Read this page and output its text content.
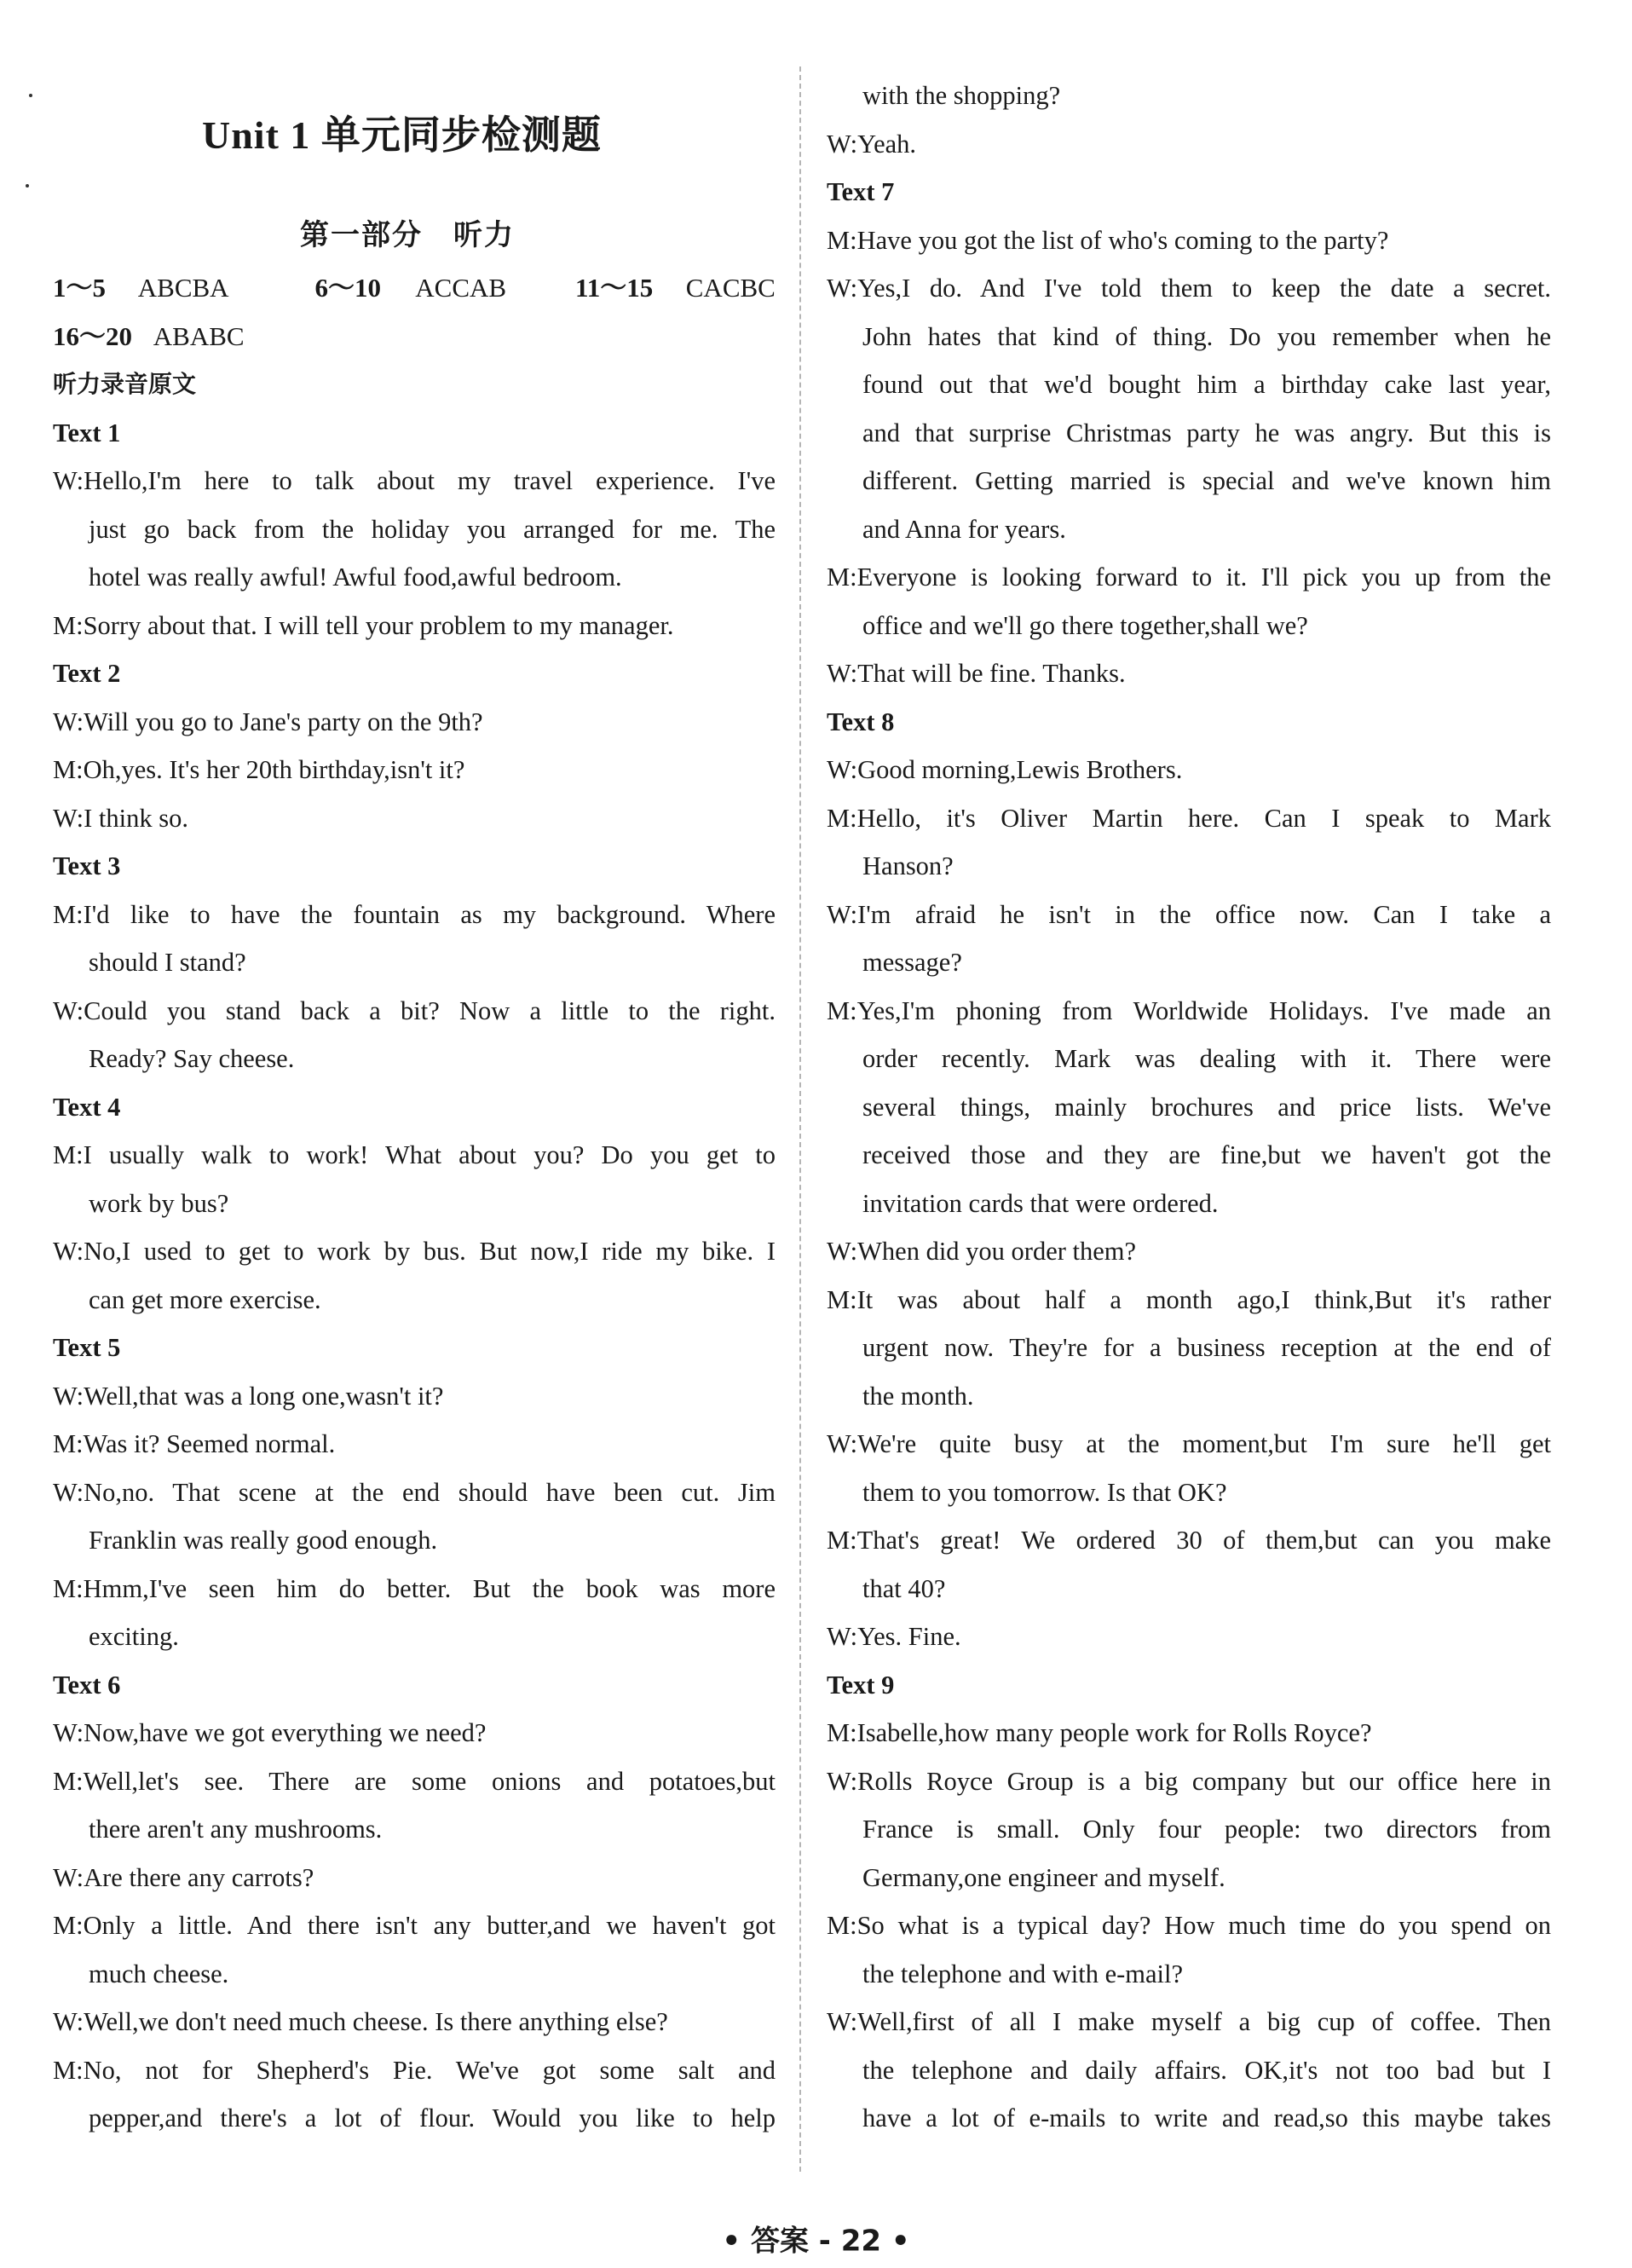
Unit 1 单元同步检测题
第一部分　听力
1～5 ABCBA	6～10 ACCAB	11～15 CACBC
16～20 ABABC
听力录音原文
Text 1
W:Hello,I'm here to talk about my travel experience. I've
just go back from the holiday you arranged for me. The
hotel was really awful! Awful food,awful bedroom.
M:Sorry about that. I will tell your problem to my manager.
Text 2
W:Will you go to Jane's party on the 9th?
M:Oh,yes. It's her 20th birthday,isn't it?
W:I think so.
Text 3
M:I'd like to have the fountain as my background. Where
should I stand?
W:Could you stand back a bit? Now a little to the right.
Ready? Say cheese.
Text 4
M:I usually walk to work! What about you? Do you get to
work by bus?
W:No,I used to get to work by bus. But now,I ride my bike. I
can get more exercise.
Text 5
W:Well,that was a long one,wasn't it?
M:Was it? Seemed normal.
W:No,no. That scene at the end should have been cut. Jim
Franklin was really good enough.
M:Hmm,I've seen him do better. But the book was more
exciting.
Text 6
W:Now,have we got everything we need?
M:Well,let's see. There are some onions and potatoes,but
there aren't any mushrooms.
W:Are there any carrots?
M:Only a little. And there isn't any butter,and we haven't got
much cheese.
W:Well,we don't need much cheese. Is there anything else?
M:No, not for Shepherd's Pie. We've got some salt and
pepper,and there's a lot of flour. Would you like to help
with the shopping?
W:Yeah.
Text 7
M:Have you got the list of who's coming to the party?
W:Yes,I do. And I've told them to keep the date a secret.
John hates that kind of thing. Do you remember when he
found out that we'd bought him a birthday cake last year,
and that surprise Christmas party he was angry. But this is
different. Getting married is special and we've known him
and Anna for years.
M:Everyone is looking forward to it. I'll pick you up from the
office and we'll go there together,shall we?
W:That will be fine. Thanks.
Text 8
W:Good morning,Lewis Brothers.
M:Hello, it's Oliver Martin here. Can I speak to Mark
Hanson?
W:I'm afraid he isn't in the office now. Can I take a
message?
M:Yes,I'm phoning from Worldwide Holidays. I've made an
order recently. Mark was dealing with it. There were
several things, mainly brochures and price lists. We've
received those and they are fine,but we haven't got the
invitation cards that were ordered.
W:When did you order them?
M:It was about half a month ago,I think,But it's rather
urgent now. They're for a business reception at the end of
the month.
W:We're quite busy at the moment,but I'm sure he'll get
them to you tomorrow. Is that OK?
M:That's great! We ordered 30 of them,but can you make
that 40?
W:Yes. Fine.
Text 9
M:Isabelle,how many people work for Rolls Royce?
W:Rolls Royce Group is a big company but our office here in
France is small. Only four people: two directors from
Germany,one engineer and myself.
M:So what is a typical day? How much time do you spend on
the telephone and with e-mail?
W:Well,first of all I make myself a big cup of coffee. Then
the telephone and daily affairs. OK,it's not too bad but I
have a lot of e-mails to write and read,so this maybe takes
• 答案 - 22 •
